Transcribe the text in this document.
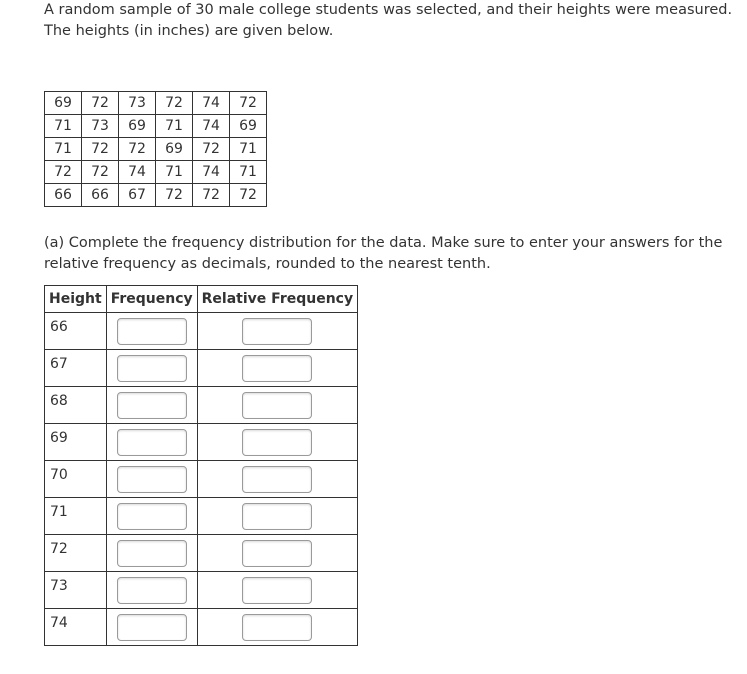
A random sample of 30 male college students was selected, and their heights were measured. The heights (in inches) are given below.

69	72	73	72	74	72
71	73	69	71	74	69
71	72	72	69	72	71
72	72	74	71	74	71
66	66	67	72	72	72

(a) Complete the frequency distribution for the data. Make sure to enter your answers for the relative frequency as decimals, rounded to the nearest tenth.

Height	Frequency	Relative Frequency
66	

67	

68	

69	

70	

71	

72	

73	

74	
